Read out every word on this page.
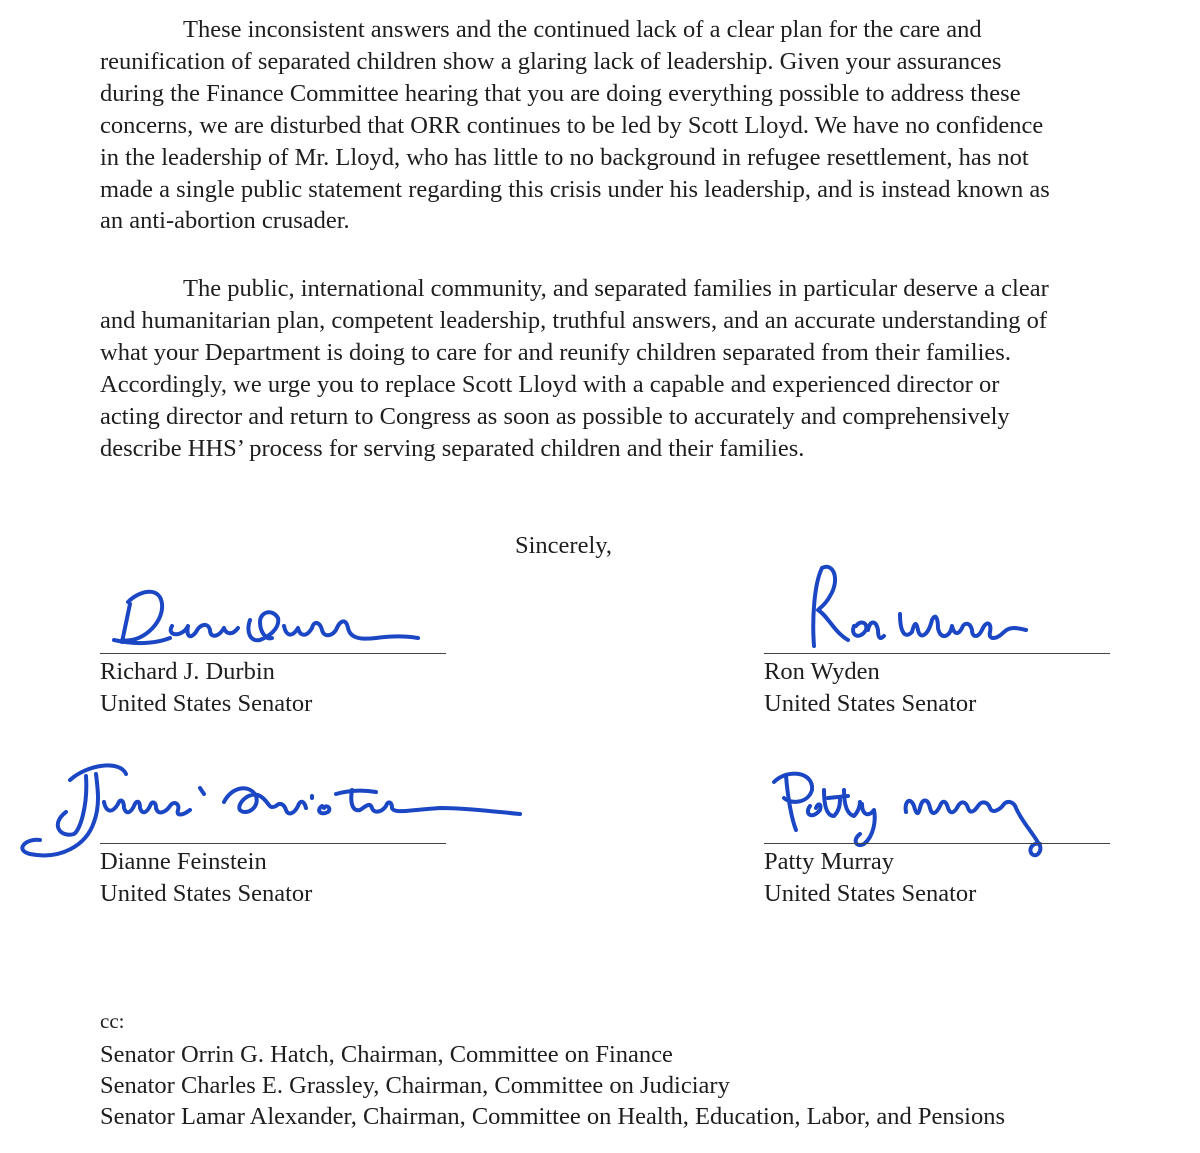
These inconsistent answers and the continued lack of a clear plan for the care and
reunification of separated children show a glaring lack of leadership. Given your assurances
during the Finance Committee hearing that you are doing everything possible to address these
concerns, we are disturbed that ORR continues to be led by Scott Lloyd. We have no confidence
in the leadership of Mr. Lloyd, who has little to no background in refugee resettlement, has not
made a single public statement regarding this crisis under his leadership, and is instead known as
an anti-abortion crusader.

The public, international community, and separated families in particular deserve a clear
and humanitarian plan, competent leadership, truthful answers, and an accurate understanding of
what your Department is doing to care for and reunify children separated from their families.
Accordingly, we urge you to replace Scott Lloyd with a capable and experienced director or
acting director and return to Congress as soon as possible to accurately and comprehensively
describe HHS’ process for serving separated children and their families.

Sincerely,
Richard J. Durbin
United States Senator
Ron Wyden
United States Senator
Dianne Feinstein
United States Senator
Patty Murray
United States Senator
cc:
Senator Orrin G. Hatch, Chairman, Committee on Finance
Senator Charles E. Grassley, Chairman, Committee on Judiciary
Senator Lamar Alexander, Chairman, Committee on Health, Education, Labor, and Pensions
